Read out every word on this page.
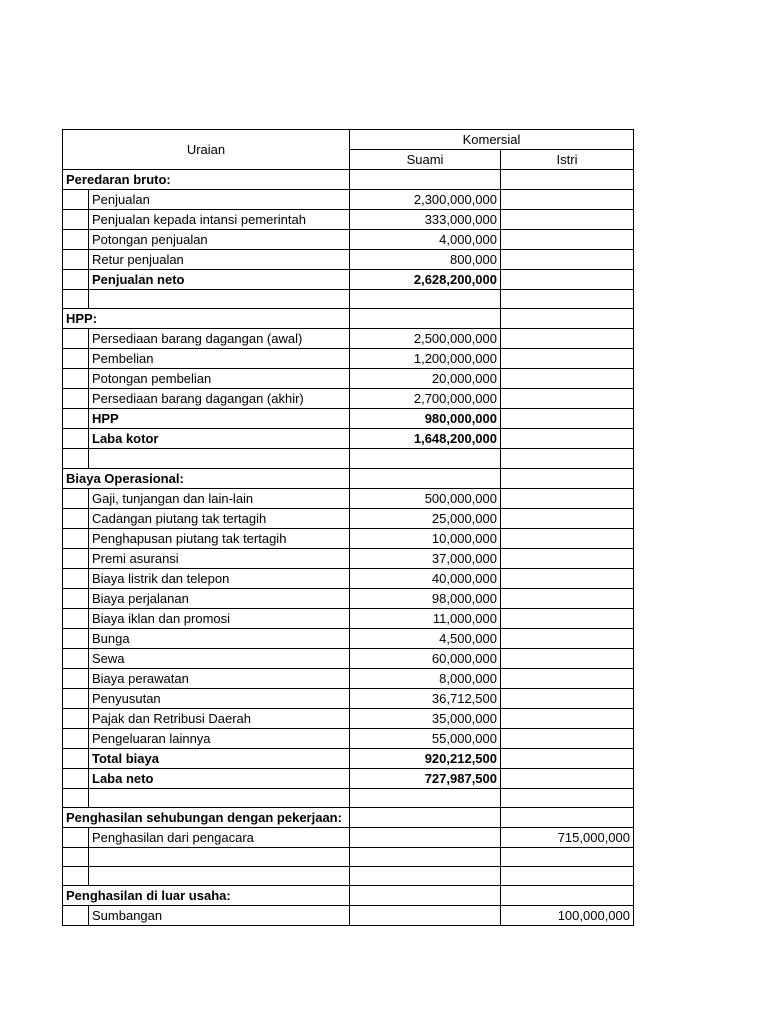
Uraian		Komersial	
		Suami	Istri
Peredaran bruto:			
	Penjualan	2,300,000,000	
	Penjualan kepada intansi pemerintah	333,000,000	
	Potongan penjualan	4,000,000	
	Retur penjualan	800,000	
	Penjualan neto	2,628,200,000	

HPP:			
	Persediaan barang dagangan (awal)	2,500,000,000	
	Pembelian	1,200,000,000	
	Potongan pembelian	20,000,000	
	Persediaan barang dagangan (akhir)	2,700,000,000	
	HPP	980,000,000	
	Laba kotor	1,648,200,000	

Biaya Operasional:			
	Gaji, tunjangan dan lain-lain	500,000,000	
	Cadangan piutang tak tertagih	25,000,000	
	Penghapusan piutang tak tertagih	10,000,000	
	Premi asuransi	37,000,000	
	Biaya listrik dan telepon	40,000,000	
	Biaya perjalanan	98,000,000	
	Biaya iklan dan promosi	11,000,000	
	Bunga	4,500,000	
	Sewa	60,000,000	
	Biaya perawatan	8,000,000	
	Penyusutan	36,712,500	
	Pajak dan Retribusi Daerah	35,000,000	
	Pengeluaran lainnya	55,000,000	
	Total biaya	920,212,500	
	Laba neto	727,987,500	

Penghasilan sehubungan dengan pekerjaan:			
	Penghasilan dari pengacara		715,000,000

Penghasilan di luar usaha:			
	Sumbangan		100,000,000
